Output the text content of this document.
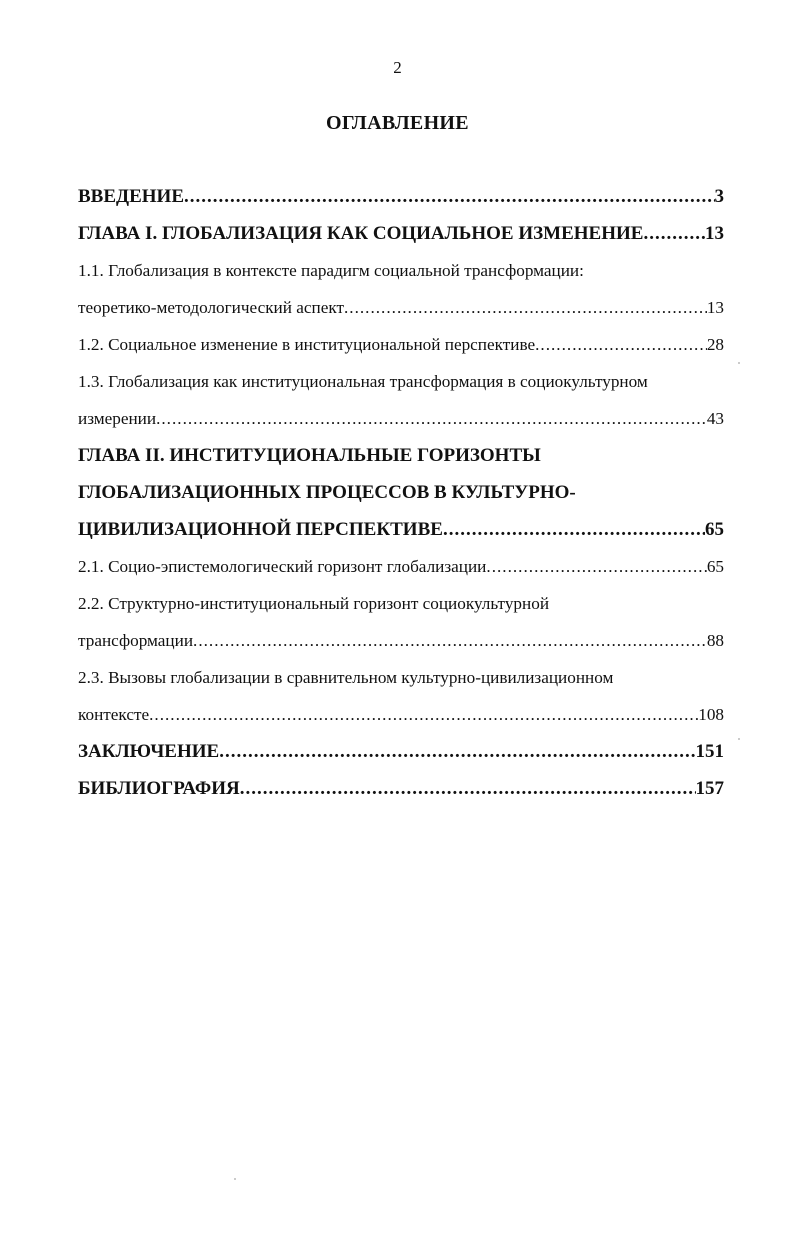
2
ОГЛАВЛЕНИЕ
ВВЕДЕНИЕ .....	3
ГЛАВА I. ГЛОБАЛИЗАЦИЯ КАК СОЦИАЛЬНОЕ ИЗМЕНЕНИЕ .....	13
1.1. Глобализация в контексте парадигм социальной трансформации:
теоретико-методологический аспект .....	13
1.2. Социальное изменение в институциональной перспективе .....	28
1.3. Глобализация как институциональная трансформация в социокультурном
измерении .....	43
ГЛАВА II. ИНСТИТУЦИОНАЛЬНЫЕ ГОРИЗОНТЫ
ГЛОБАЛИЗАЦИОННЫХ ПРОЦЕССОВ В КУЛЬТУРНО-
ЦИВИЛИЗАЦИОННОЙ ПЕРСПЕКТИВЕ .....	65
2.1. Социо-эпистемологический горизонт глобализации .....	65
2.2. Структурно-институциональный горизонт социокультурной
трансформации .....	88
2.3. Вызовы глобализации в сравнительном культурно-цивилизационном
контексте .....	108
ЗАКЛЮЧЕНИЕ .....	151
БИБЛИОГРАФИЯ .....	157
